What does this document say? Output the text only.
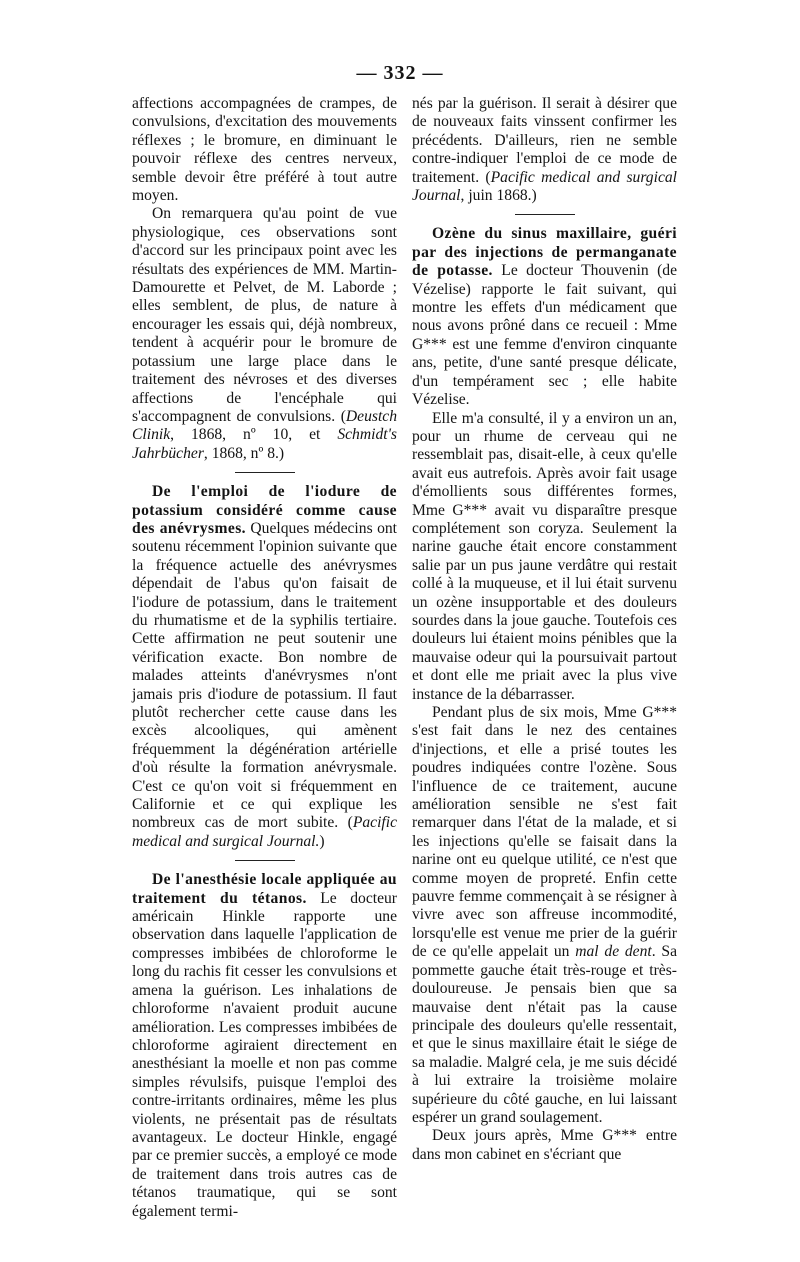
— 332 —

affections accompagnées de crampes, de convulsions, d'excitation des mouvements réflexes ; le bromure, en diminuant le pouvoir réflexe des centres nerveux, semble devoir être préféré à tout autre moyen.

On remarquera qu'au point de vue physiologique, ces observations sont d'accord sur les principaux point avec les résultats des expériences de MM. Martin-Damourette et Pelvet, de M. Laborde ; elles semblent, de plus, de nature à encourager les essais qui, déjà nombreux, tendent à acquérir pour le bromure de potassium une large place dans le traitement des névroses et des diverses affections de l'encéphale qui s'accompagnent de convulsions. (Deustch Clinik, 1868, nº 10, et Schmidt's Jahrbücher, 1868, nº 8.)

De l'emploi de l'iodure de potassium considéré comme cause des anévrysmes. Quelques médecins ont soutenu récemment l'opinion suivante que la fréquence actuelle des anévrysmes dépendait de l'abus qu'on faisait de l'iodure de potassium, dans le traitement du rhumatisme et de la syphilis tertiaire. Cette affirmation ne peut soutenir une vérification exacte. Bon nombre de malades atteints d'anévrysmes n'ont jamais pris d'iodure de potassium. Il faut plutôt rechercher cette cause dans les excès alcooliques, qui amènent fréquemment la dégénération artérielle d'où résulte la formation anévrysmale. C'est ce qu'on voit si fréquemment en Californie et ce qui explique les nombreux cas de mort subite. (Pacific medical and surgical Journal.)

De l'anesthésie locale appliquée au traitement du tétanos. Le docteur américain Hinkle rapporte une observation dans laquelle l'application de compresses imbibées de chloroforme le long du rachis fit cesser les convulsions et amena la guérison. Les inhalations de chloroforme n'avaient produit aucune amélioration. Les compresses imbibées de chloroforme agiraient directement en anesthésiant la moelle et non pas comme simples révulsifs, puisque l'emploi des contre-irritants ordinaires, même les plus violents, ne présentait pas de résultats avantageux. Le docteur Hinkle, engagé par ce premier succès, a employé ce mode de traitement dans trois autres cas de tétanos traumatique, qui se sont également termi-

nés par la guérison. Il serait à désirer que de nouveaux faits vinssent confirmer les précédents. D'ailleurs, rien ne semble contre-indiquer l'emploi de ce mode de traitement. (Pacific medical and surgical Journal, juin 1868.)

Ozène du sinus maxillaire, guéri par des injections de permanganate de potasse. Le docteur Thouvenin (de Vézelise) rapporte le fait suivant, qui montre les effets d'un médicament que nous avons prôné dans ce recueil : Mme G*** est une femme d'environ cinquante ans, petite, d'une santé presque délicate, d'un tempérament sec ; elle habite Vézelise.

Elle m'a consulté, il y a environ un an, pour un rhume de cerveau qui ne ressemblait pas, disait-elle, à ceux qu'elle avait eus autrefois. Après avoir fait usage d'émollients sous différentes formes, Mme G*** avait vu disparaître presque complétement son coryza. Seulement la narine gauche était encore constamment salie par un pus jaune verdâtre qui restait collé à la muqueuse, et il lui était survenu un ozène insupportable et des douleurs sourdes dans la joue gauche. Toutefois ces douleurs lui étaient moins pénibles que la mauvaise odeur qui la poursuivait partout et dont elle me priait avec la plus vive instance de la débarrasser.

Pendant plus de six mois, Mme G*** s'est fait dans le nez des centaines d'injections, et elle a prisé toutes les poudres indiquées contre l'ozène. Sous l'influence de ce traitement, aucune amélioration sensible ne s'est fait remarquer dans l'état de la malade, et si les injections qu'elle se faisait dans la narine ont eu quelque utilité, ce n'est que comme moyen de propreté. Enfin cette pauvre femme commençait à se résigner à vivre avec son affreuse incommodité, lorsqu'elle est venue me prier de la guérir de ce qu'elle appelait un mal de dent. Sa pommette gauche était très-rouge et très-douloureuse. Je pensais bien que sa mauvaise dent n'était pas la cause principale des douleurs qu'elle ressentait, et que le sinus maxillaire était le siége de sa maladie. Malgré cela, je me suis décidé à lui extraire la troisième molaire supérieure du côté gauche, en lui laissant espérer un grand soulagement.

Deux jours après, Mme G*** entre dans mon cabinet en s'écriant que
